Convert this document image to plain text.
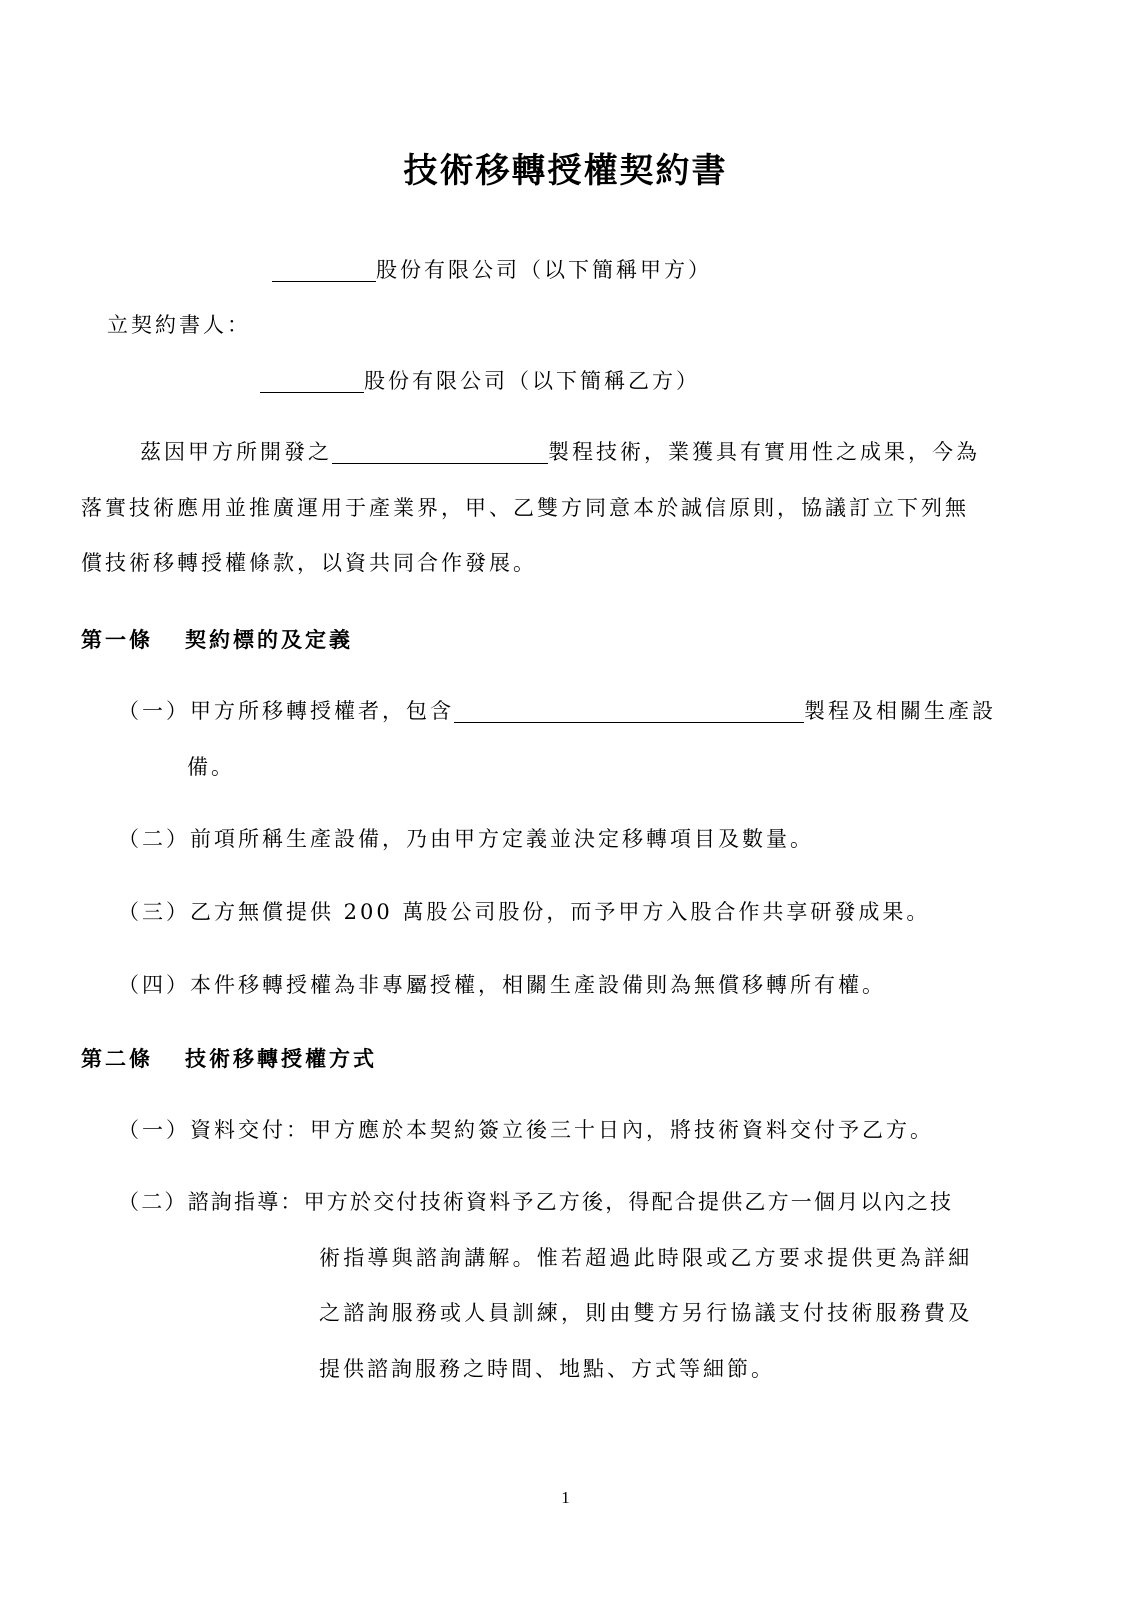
技術移轉授權契約書
股份有限公司（以下簡稱甲方）
立契約書人：
股份有限公司（以下簡稱乙方）
茲因甲方所開發之	製程技術，業獲具有實用性之成果，今為
落實技術應用並推廣運用于產業界，甲、乙雙方同意本於誠信原則，協議訂立下列無
償技術移轉授權條款，以資共同合作發展。
第一條 契約標的及定義
（一）甲方所移轉授權者，包含	製程及相關生產設
備。
（二）前項所稱生產設備，乃由甲方定義並決定移轉項目及數量。
（三）乙方無償提供 200 萬股公司股份，而予甲方入股合作共享研發成果。
（四）本件移轉授權為非專屬授權，相關生產設備則為無償移轉所有權。
第二條 技術移轉授權方式
（一）資料交付：甲方應於本契約簽立後三十日內，將技術資料交付予乙方。
（二）諮詢指導：甲方於交付技術資料予乙方後，得配合提供乙方一個月以內之技
術指導與諮詢講解。惟若超過此時限或乙方要求提供更為詳細
之諮詢服務或人員訓練，則由雙方另行協議支付技術服務費及
提供諮詢服務之時間、地點、方式等細節。
1
